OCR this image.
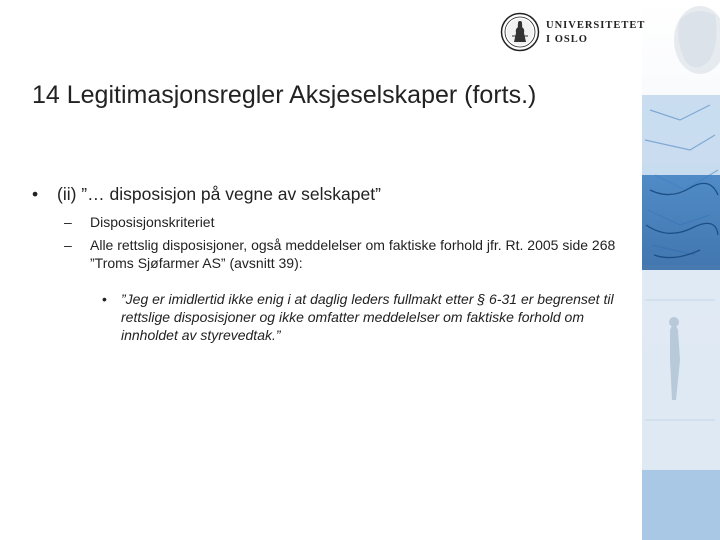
UNIVERSITETET
I OSLO
14 Legitimasjonsregler Aksjeselskaper (forts.)
• (ii) ”… disposisjon på vegne av selskapet”
– Disposisjonskriteriet
– Alle rettslig disposisjoner, også meddelelser om faktiske forhold jfr. Rt. 2005 side 268 ”Troms Sjøfarmer AS” (avsnitt 39):
• ”Jeg er imidlertid ikke enig i at daglig leders fullmakt etter § 6-31 er begrenset til rettslige disposisjoner og ikke omfatter meddelelser om faktiske forhold om innholdet av styrevedtak.”
